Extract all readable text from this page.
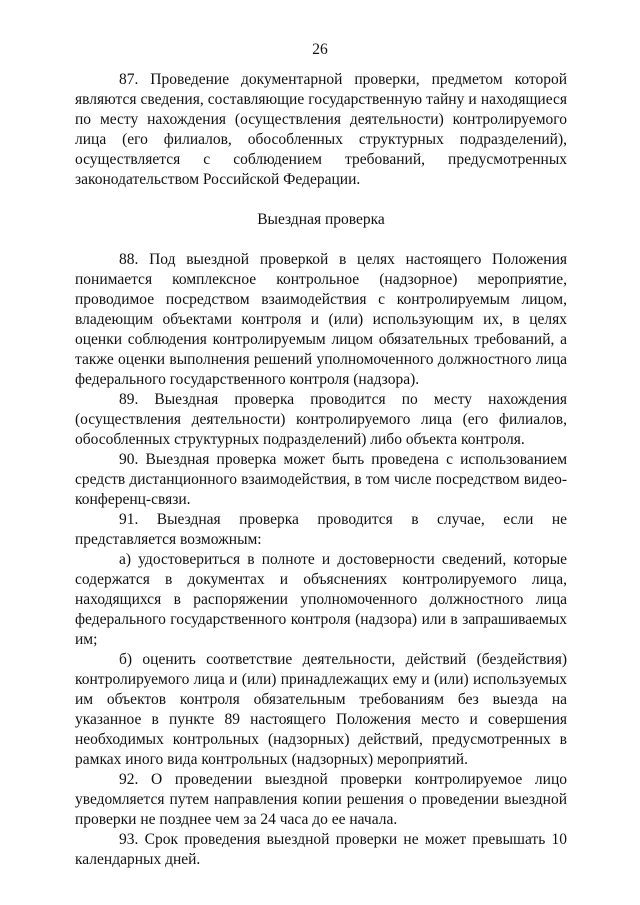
26

87. Проведение документарной проверки, предметом которой являются сведения, составляющие государственную тайну и находящиеся по месту нахождения (осуществления деятельности) контролируемого лица (его филиалов, обособленных структурных подразделений), осуществляется с соблюдением требований, предусмотренных законодательством Российской Федерации.

Выездная проверка

88. Под выездной проверкой в целях настоящего Положения понимается комплексное контрольное (надзорное) мероприятие, проводимое посредством взаимодействия с контролируемым лицом, владеющим объектами контроля и (или) использующим их, в целях оценки соблюдения контролируемым лицом обязательных требований, а также оценки выполнения решений уполномоченного должностного лица федерального государственного контроля (надзора).

89. Выездная проверка проводится по месту нахождения (осуществления деятельности) контролируемого лица (его филиалов, обособленных структурных подразделений) либо объекта контроля.

90. Выездная проверка может быть проведена с использованием средств дистанционного взаимодействия, в том числе посредством видео-конференц-связи.

91. Выездная проверка проводится в случае, если не представляется возможным:

а) удостовериться в полноте и достоверности сведений, которые содержатся в документах и объяснениях контролируемого лица, находящихся в распоряжении уполномоченного должностного лица федерального государственного контроля (надзора) или в запрашиваемых им;

б) оценить соответствие деятельности, действий (бездействия) контролируемого лица и (или) принадлежащих ему и (или) используемых им объектов контроля обязательным требованиям без выезда на указанное в пункте 89 настоящего Положения место и совершения необходимых контрольных (надзорных) действий, предусмотренных в рамках иного вида контрольных (надзорных) мероприятий.

92. О проведении выездной проверки контролируемое лицо уведомляется путем направления копии решения о проведении выездной проверки не позднее чем за 24 часа до ее начала.

93. Срок проведения выездной проверки не может превышать 10 календарных дней.
